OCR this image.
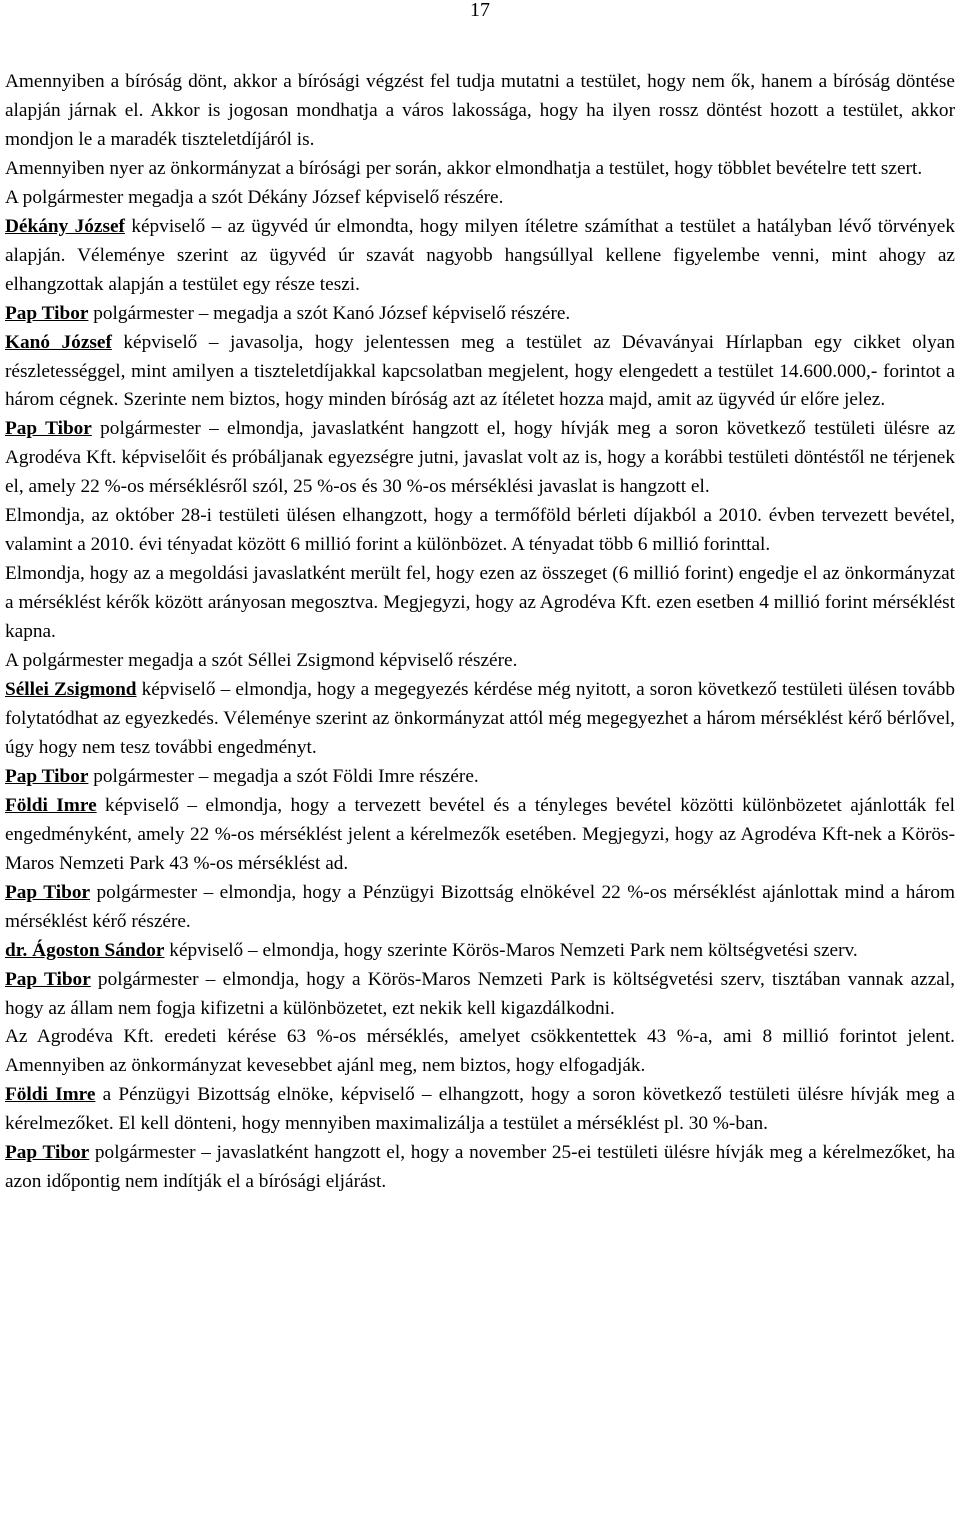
17

Amennyiben a bíróság dönt, akkor a bírósági végzést fel tudja mutatni a testület, hogy nem ők, hanem a bíróság döntése alapján járnak el. Akkor is jogosan mondhatja a város lakossága, hogy ha ilyen rossz döntést hozott a testület, akkor mondjon le a maradék tiszteletdíjáról is.

Amennyiben nyer az önkormányzat a bírósági per során, akkor elmondhatja a testület, hogy többlet bevételre tett szert.

A polgármester megadja a szót Dékány József képviselő részére.

Dékány József képviselő – az ügyvéd úr elmondta, hogy milyen ítéletre számíthat a testület a hatályban lévő törvények alapján. Véleménye szerint az ügyvéd úr szavát nagyobb hangsúllyal kellene figyelembe venni, mint ahogy az elhangzottak alapján a testület egy része teszi.

Pap Tibor polgármester – megadja a szót Kanó József képviselő részére.

Kanó József képviselő – javasolja, hogy jelentessen meg a testület az Dévaványai Hírlapban egy cikket olyan részletességgel, mint amilyen a tiszteletdíjakkal kapcsolatban megjelent, hogy elengedett a testület 14.600.000,- forintot a három cégnek. Szerinte nem biztos, hogy minden bíróság azt az ítéletet hozza majd, amit az ügyvéd úr előre jelez.

Pap Tibor polgármester – elmondja, javaslatként hangzott el, hogy hívják meg a soron következő testületi ülésre az Agrodéva Kft. képviselőit és próbáljanak egyezségre jutni, javaslat volt az is, hogy a korábbi testületi döntéstől ne térjenek el, amely 22 %-os mérséklésről szól, 25 %-os és 30 %-os mérséklési javaslat is hangzott el.

Elmondja, az október 28-i testületi ülésen elhangzott, hogy a termőföld bérleti díjakból a 2010. évben tervezett bevétel, valamint a 2010. évi tényadat között 6 millió forint a különbözet. A tényadat több 6 millió forinttal.

Elmondja, hogy az a megoldási javaslatként merült fel, hogy ezen az összeget (6 millió forint) engedje el az önkormányzat a mérséklést kérők között arányosan megosztva. Megjegyzi, hogy az Agrodéva Kft. ezen esetben 4 millió forint mérséklést kapna.

A polgármester megadja a szót Séllei Zsigmond képviselő részére.

Séllei Zsigmond képviselő – elmondja, hogy a megegyezés kérdése még nyitott, a soron következő testületi ülésen tovább folytatódhat az egyezkedés. Véleménye szerint az önkormányzat attól még megegyezhet a három mérséklést kérő bérlővel, úgy hogy nem tesz további engedményt.

Pap Tibor polgármester – megadja a szót Földi Imre részére.

Földi Imre képviselő – elmondja, hogy a tervezett bevétel és a tényleges bevétel közötti különbözetet ajánlották fel engedményként, amely 22 %-os mérséklést jelent a kérelmezők esetében. Megjegyzi, hogy az Agrodéva Kft-nek a Körös-Maros Nemzeti Park 43 %-os mérséklést ad.

Pap Tibor polgármester – elmondja, hogy a Pénzügyi Bizottság elnökével 22 %-os mérséklést ajánlottak mind a három mérséklést kérő részére.

dr. Ágoston Sándor képviselő – elmondja, hogy szerinte Körös-Maros Nemzeti Park nem költségvetési szerv.

Pap Tibor polgármester – elmondja, hogy a Körös-Maros Nemzeti Park is költségvetési szerv, tisztában vannak azzal, hogy az állam nem fogja kifizetni a különbözetet, ezt nekik kell kigazdálkodni.

Az Agrodéva Kft. eredeti kérése 63 %-os mérséklés, amelyet csökkentettek 43 %-a, ami 8 millió forintot jelent. Amennyiben az önkormányzat kevesebbet ajánl meg, nem biztos, hogy elfogadják.

Földi Imre a Pénzügyi Bizottság elnöke, képviselő – elhangzott, hogy a soron következő testületi ülésre hívják meg a kérelmezőket. El kell dönteni, hogy mennyiben maximalizálja a testület a mérséklést pl. 30 %-ban.

Pap Tibor polgármester – javaslatként hangzott el, hogy a november 25-ei testületi ülésre hívják meg a kérelmezőket, ha azon időpontig nem indítják el a bírósági eljárást.
